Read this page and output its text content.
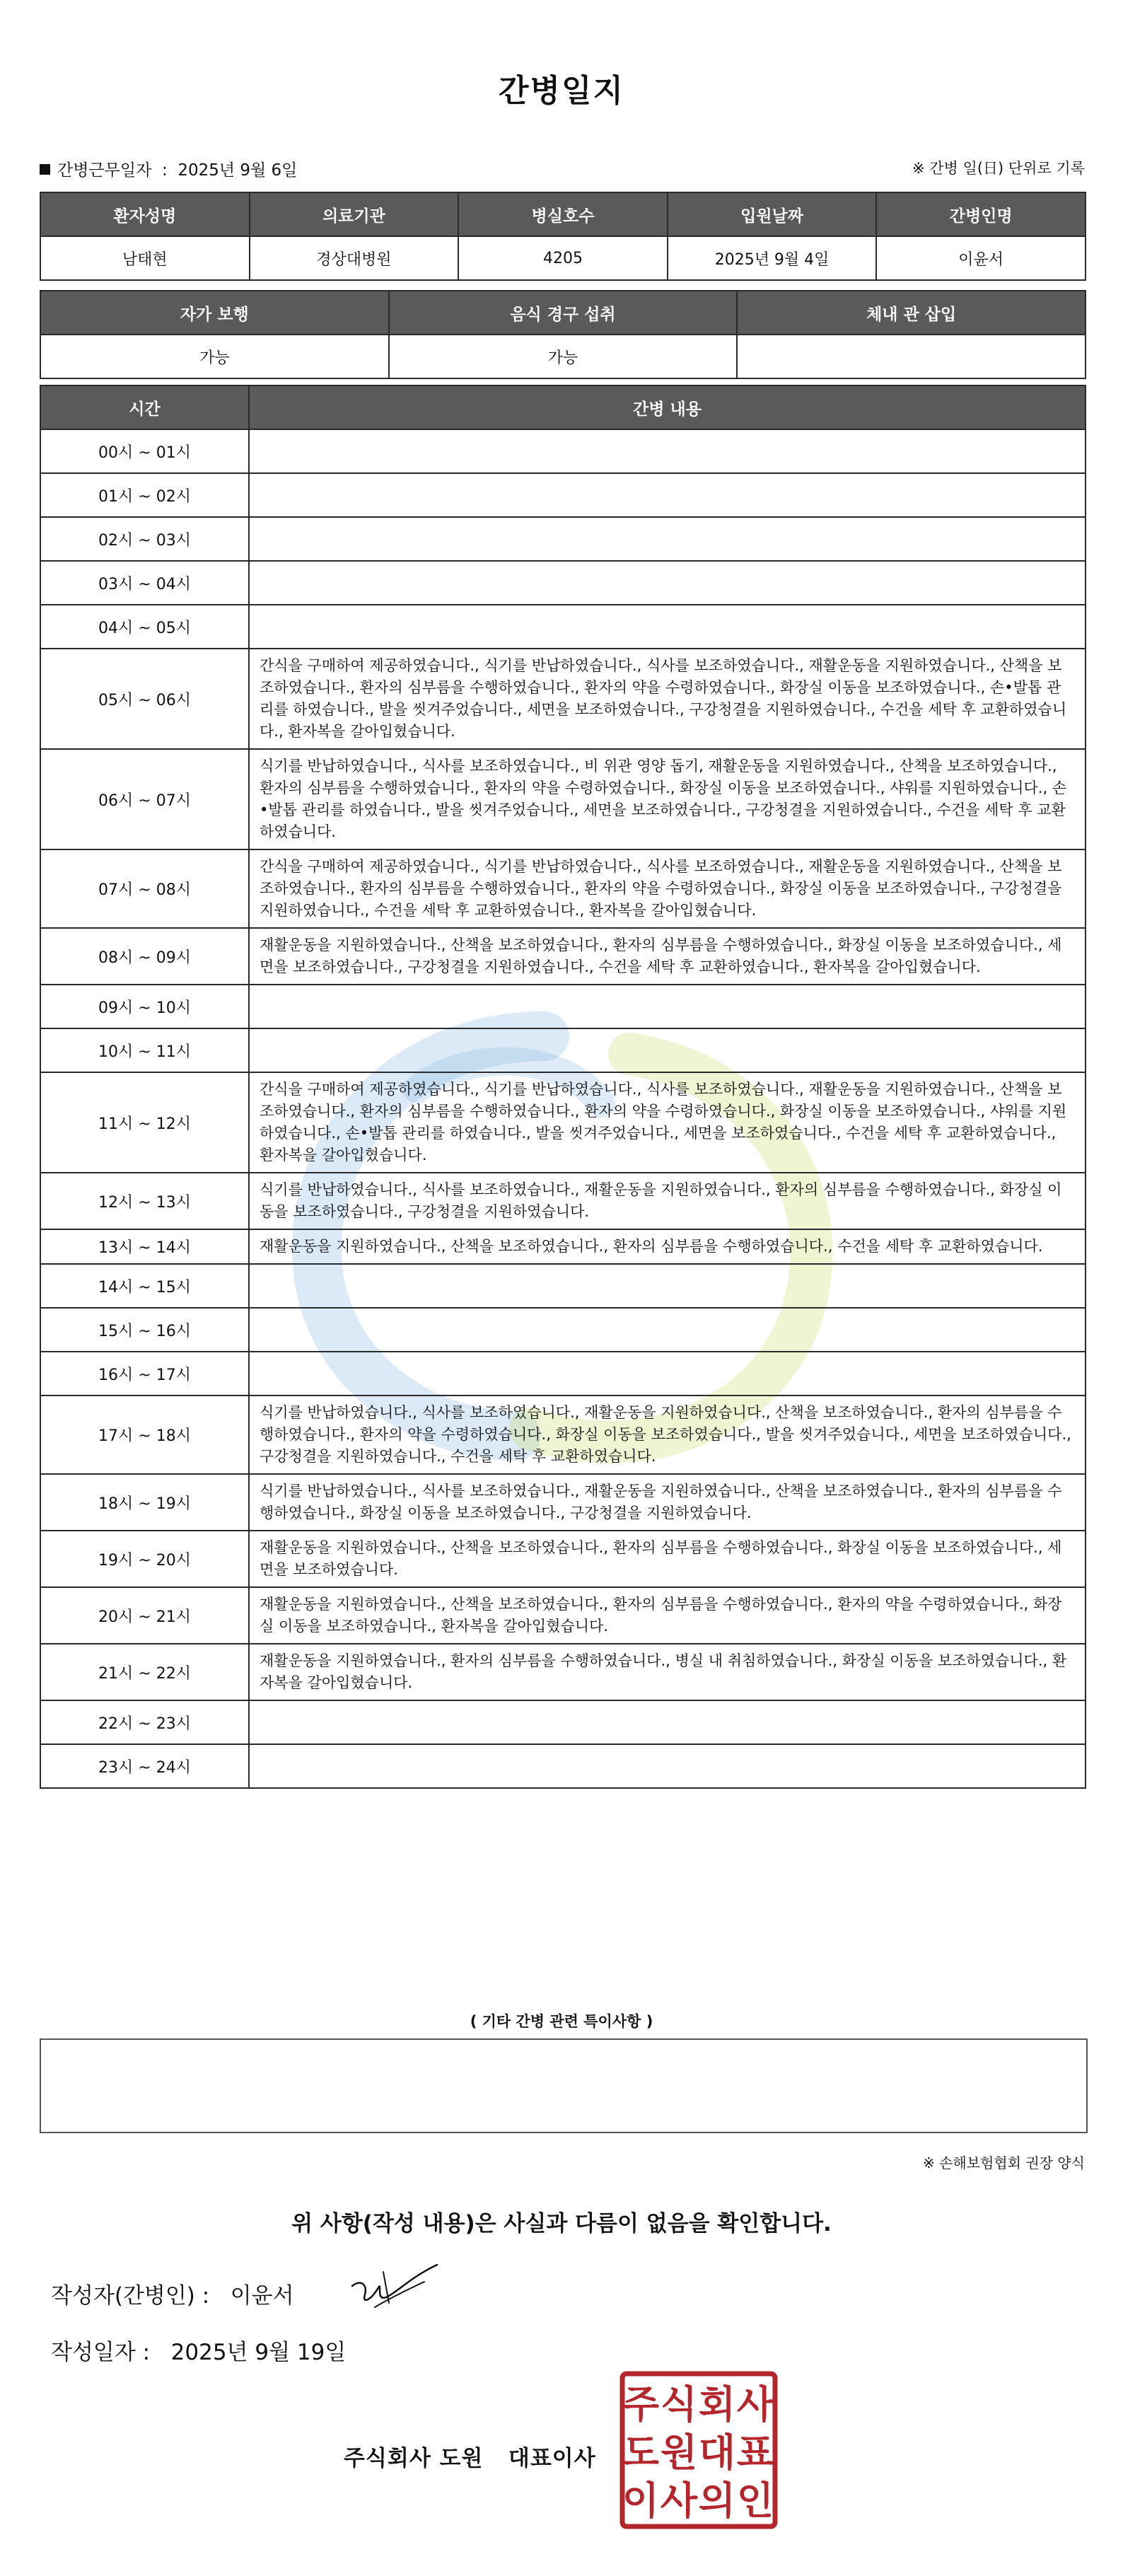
간병일지
간병근무일자 : 2025년 9월 6일	※ 간병 일(日) 단위로 기록
환자성명	의료기관	병실호수	입원날짜	간병인명
남태현	경상대병원	4205	2025년 9월 4일	이윤서
자가 보행	음식 경구 섭취	체내 관 삽입
가능	가능	
시간	간병 내용
00시 ~ 01시	
01시 ~ 02시	
02시 ~ 03시	
03시 ~ 04시	
04시 ~ 05시	
05시 ~ 06시	간식을 구매하여 제공하였습니다., 식기를 반납하였습니다., 식사를 보조하였습니다., 재활운동을 지원하였습니다., 산책을 보조하였습니다., 환자의 심부름을 수행하였습니다., 환자의 약을 수령하였습니다., 화장실 이동을 보조하였습니다., 손•발톱 관리를 하였습니다., 발을 씻겨주었습니다., 세면을 보조하였습니다., 구강청결을 지원하였습니다., 수건을 세탁 후 교환하였습니다., 환자복을 갈아입혔습니다.
06시 ~ 07시	식기를 반납하였습니다., 식사를 보조하였습니다., 비 위관 영양 돕기, 재활운동을 지원하였습니다., 산책을 보조하였습니다., 환자의 심부름을 수행하였습니다., 환자의 약을 수령하였습니다., 화장실 이동을 보조하였습니다., 샤워를 지원하였습니다., 손•발톱 관리를 하였습니다., 발을 씻겨주었습니다., 세면을 보조하였습니다., 구강청결을 지원하였습니다., 수건을 세탁 후 교환하였습니다.
07시 ~ 08시	간식을 구매하여 제공하였습니다., 식기를 반납하였습니다., 식사를 보조하였습니다., 재활운동을 지원하였습니다., 산책을 보조하였습니다., 환자의 심부름을 수행하였습니다., 환자의 약을 수령하였습니다., 화장실 이동을 보조하였습니다., 구강청결을 지원하였습니다., 수건을 세탁 후 교환하였습니다., 환자복을 갈아입혔습니다.
08시 ~ 09시	재활운동을 지원하였습니다., 산책을 보조하였습니다., 환자의 심부름을 수행하였습니다., 화장실 이동을 보조하였습니다., 세면을 보조하였습니다., 구강청결을 지원하였습니다., 수건을 세탁 후 교환하였습니다., 환자복을 갈아입혔습니다.
09시 ~ 10시	
10시 ~ 11시	
11시 ~ 12시	간식을 구매하여 제공하였습니다., 식기를 반납하였습니다., 식사를 보조하였습니다., 재활운동을 지원하였습니다., 산책을 보조하였습니다., 환자의 심부름을 수행하였습니다., 환자의 약을 수령하였습니다., 화장실 이동을 보조하였습니다., 샤워를 지원하였습니다., 손•발톱 관리를 하였습니다., 발을 씻겨주었습니다., 세면을 보조하였습니다., 수건을 세탁 후 교환하였습니다., 환자복을 갈아입혔습니다.
12시 ~ 13시	식기를 반납하였습니다., 식사를 보조하였습니다., 재활운동을 지원하였습니다., 환자의 심부름을 수행하였습니다., 화장실 이동을 보조하였습니다., 구강청결을 지원하였습니다.
13시 ~ 14시	재활운동을 지원하였습니다., 산책을 보조하였습니다., 환자의 심부름을 수행하였습니다., 수건을 세탁 후 교환하였습니다.
14시 ~ 15시	
15시 ~ 16시	
16시 ~ 17시	
17시 ~ 18시	식기를 반납하였습니다., 식사를 보조하였습니다., 재활운동을 지원하였습니다., 산책을 보조하였습니다., 환자의 심부름을 수행하였습니다., 환자의 약을 수령하였습니다., 화장실 이동을 보조하였습니다., 발을 씻겨주었습니다., 세면을 보조하였습니다., 구강청결을 지원하였습니다., 수건을 세탁 후 교환하였습니다.
18시 ~ 19시	식기를 반납하였습니다., 식사를 보조하였습니다., 재활운동을 지원하였습니다., 산책을 보조하였습니다., 환자의 심부름을 수행하였습니다., 화장실 이동을 보조하였습니다., 구강청결을 지원하였습니다.
19시 ~ 20시	재활운동을 지원하였습니다., 산책을 보조하였습니다., 환자의 심부름을 수행하였습니다., 화장실 이동을 보조하였습니다., 세면을 보조하였습니다.
20시 ~ 21시	재활운동을 지원하였습니다., 산책을 보조하였습니다., 환자의 심부름을 수행하였습니다., 환자의 약을 수령하였습니다., 화장실 이동을 보조하였습니다., 환자복을 갈아입혔습니다.
21시 ~ 22시	재활운동을 지원하였습니다., 환자의 심부름을 수행하였습니다., 병실 내 취침하였습니다., 화장실 이동을 보조하였습니다., 환자복을 갈아입혔습니다.
22시 ~ 23시	
23시 ~ 24시	
( 기타 간병 관련 특이사항 )
※ 손해보험협회 권장 양식
위 사항(작성 내용)은 사실과 다름이 없음을 확인합니다.
작성자(간병인) : 이윤서
작성일자 : 2025년 9월 19일
주식회사 도원 대표이사
주 식 회 사
도 원 대 표
이 사 의 인
